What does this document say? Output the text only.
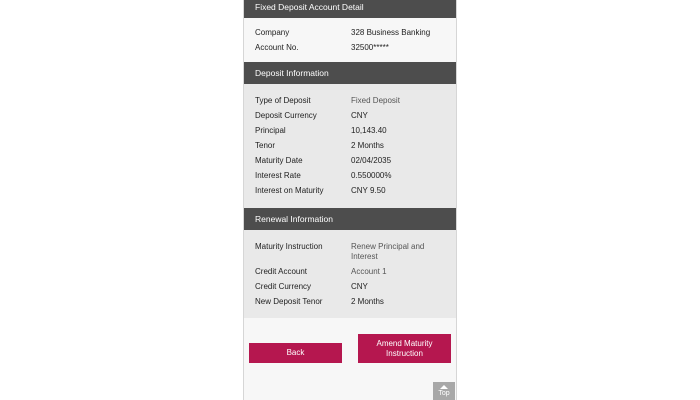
Fixed Deposit Account Detail
Company	328 Business Banking
Account No.	32500*****
Deposit Information
Type of Deposit	Fixed Deposit
Deposit Currency	CNY
Principal	10,143.40
Tenor	2 Months
Maturity Date	02/04/2035
Interest Rate	0.550000%
Interest on Maturity	CNY 9.50
Renewal Information
Maturity Instruction	Renew Principal and Interest
Credit Account	Account 1
Credit Currency	CNY
New Deposit Tenor	2 Months
Back
Amend Maturity Instruction
Top
